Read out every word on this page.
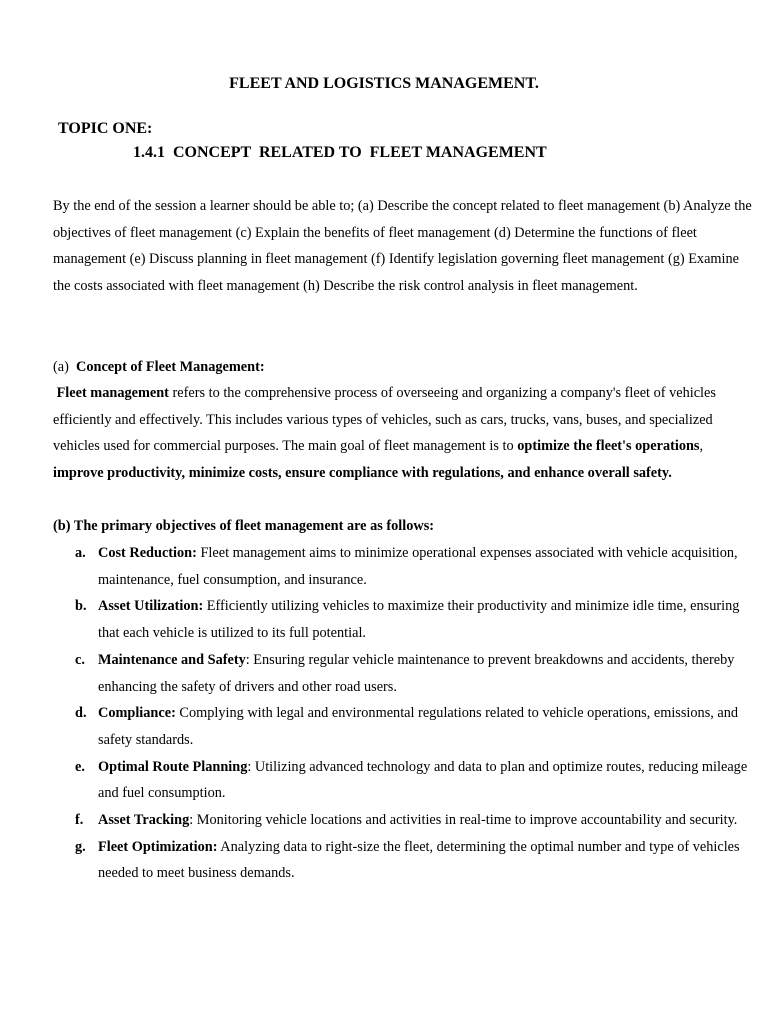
FLEET AND LOGISTICS MANAGEMENT.
TOPIC ONE:
1.4.1  CONCEPT  RELATED TO  FLEET MANAGEMENT

By the end of the session a learner should be able to; (a) Describe the concept related to fleet management (b) Analyze the objectives of fleet management (c) Explain the benefits of fleet management (d) Determine the functions of fleet management (e) Discuss planning in fleet management (f) Identify legislation governing fleet management (g) Examine the costs associated with fleet management (h) Describe the risk control analysis in fleet management.

(a)  Concept of Fleet Management:

Fleet management refers to the comprehensive process of overseeing and organizing a company's fleet of vehicles efficiently and effectively. This includes various types of vehicles, such as cars, trucks, vans, buses, and specialized vehicles used for commercial purposes. The main goal of fleet management is to optimize the fleet's operations, improve productivity, minimize costs, ensure compliance with regulations, and enhance overall safety.

(b) The primary objectives of fleet management are as follows:
a. Cost Reduction: Fleet management aims to minimize operational expenses associated with vehicle acquisition, maintenance, fuel consumption, and insurance.
b. Asset Utilization: Efficiently utilizing vehicles to maximize their productivity and minimize idle time, ensuring that each vehicle is utilized to its full potential.
c. Maintenance and Safety: Ensuring regular vehicle maintenance to prevent breakdowns and accidents, thereby enhancing the safety of drivers and other road users.
d. Compliance: Complying with legal and environmental regulations related to vehicle operations, emissions, and safety standards.
e. Optimal Route Planning: Utilizing advanced technology and data to plan and optimize routes, reducing mileage and fuel consumption.
f. Asset Tracking: Monitoring vehicle locations and activities in real-time to improve accountability and security.
g. Fleet Optimization: Analyzing data to right-size the fleet, determining the optimal number and type of vehicles needed to meet business demands.
